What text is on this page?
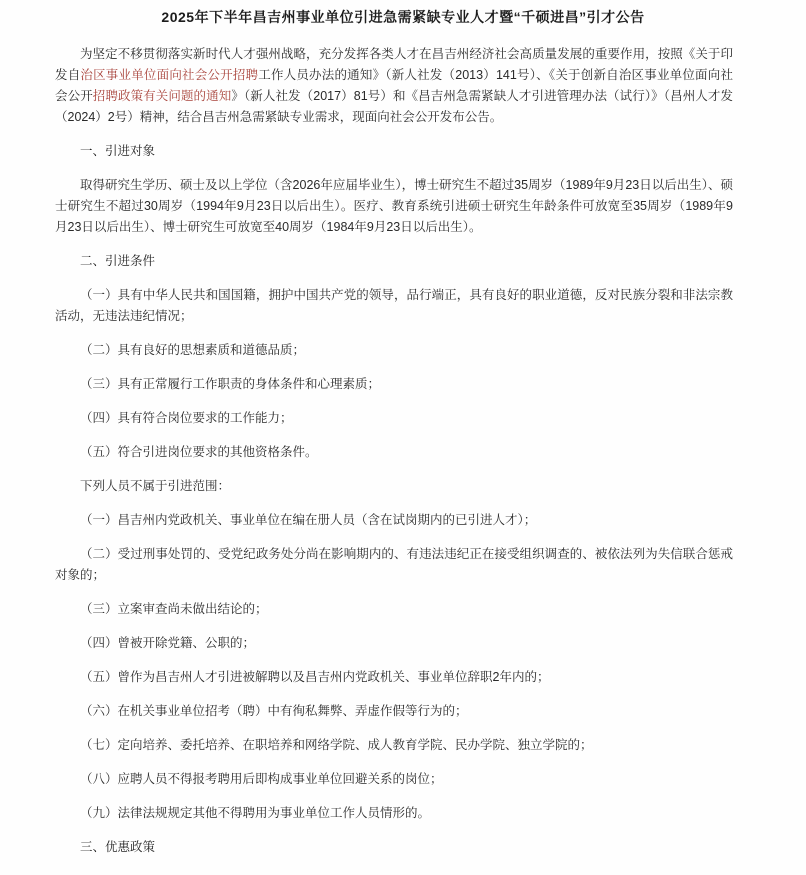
2025年下半年昌吉州事业单位引进急需紧缺专业人才暨“千硕进昌”引才公告

为坚定不移贯彻落实新时代人才强州战略，充分发挥各类人才在昌吉州经济社会高质量发展的重要作用，按照《关于印发自治区事业单位面向社会公开招聘工作人员办法的通知》（新人社发（2013）141号）、《关于创新自治区事业单位面向社会公开招聘政策有关问题的通知》（新人社发（2017）81号）和《昌吉州急需紧缺人才引进管理办法（试行）》（昌州人才发（2024）2号）精神，结合昌吉州急需紧缺专业需求，现面向社会公开发布公告。

一、引进对象

取得研究生学历、硕士及以上学位（含2026年应届毕业生），博士研究生不超过35周岁（1989年9月23日以后出生）、硕士研究生不超过30周岁（1994年9月23日以后出生）。医疗、教育系统引进硕士研究生年龄条件可放宽至35周岁（1989年9月23日以后出生）、博士研究生可放宽至40周岁（1984年9月23日以后出生）。

二、引进条件

（一）具有中华人民共和国国籍，拥护中国共产党的领导，品行端正，具有良好的职业道德，反对民族分裂和非法宗教活动，无违法违纪情况；

（二）具有良好的思想素质和道德品质；

（三）具有正常履行工作职责的身体条件和心理素质；

（四）具有符合岗位要求的工作能力；

（五）符合引进岗位要求的其他资格条件。

下列人员不属于引进范围：

（一）昌吉州内党政机关、事业单位在编在册人员（含在试岗期内的已引进人才）；

（二）受过刑事处罚的、受党纪政务处分尚在影响期内的、有违法违纪正在接受组织调查的、被依法列为失信联合惩戒对象的；

（三）立案审查尚未做出结论的；

（四）曾被开除党籍、公职的；

（五）曾作为昌吉州人才引进被解聘以及昌吉州内党政机关、事业单位辞职2年内的；

（六）在机关事业单位招考（聘）中有徇私舞弊、弄虚作假等行为的；

（七）定向培养、委托培养、在职培养和网络学院、成人教育学院、民办学院、独立学院的；

（八）应聘人员不得报考聘用后即构成事业单位回避关系的岗位；

（九）法律法规规定其他不得聘用为事业单位工作人员情形的。

三、优惠政策
